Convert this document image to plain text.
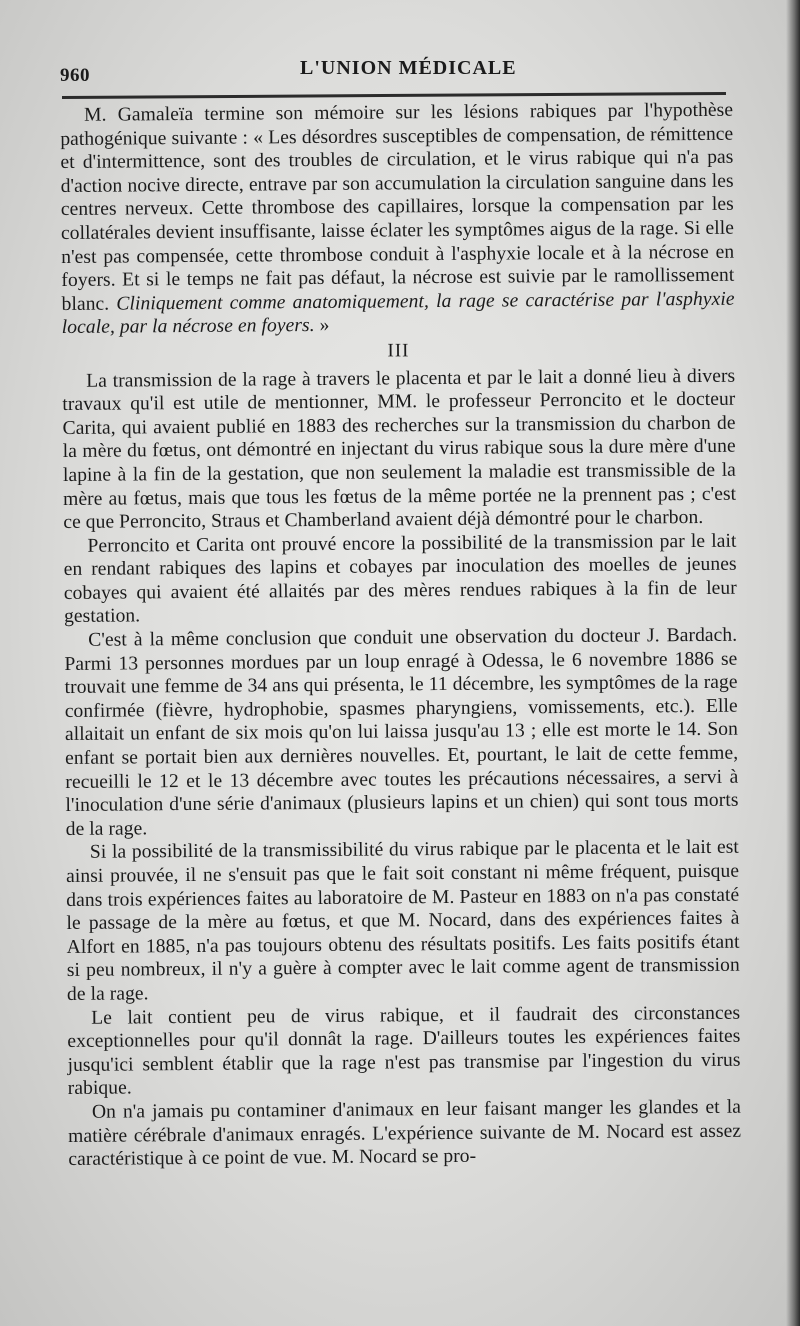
960	L'UNION MÉDICALE

M. Gamaleïa termine son mémoire sur les lésions rabiques par l'hypothèse pathogénique suivante : « Les désordres susceptibles de compensation, de rémittence et d'intermittence, sont des troubles de circulation, et le virus rabique qui n'a pas d'action nocive directe, entrave par son accumulation la circulation sanguine dans les centres nerveux. Cette thrombose des capillaires, lorsque la compensation par les collatérales devient insuffisante, laisse éclater les symptômes aigus de la rage. Si elle n'est pas compensée, cette thrombose conduit à l'asphyxie locale et à la nécrose en foyers. Et si le temps ne fait pas défaut, la nécrose est suivie par le ramollissement blanc. Cliniquement comme anatomiquement, la rage se caractérise par l'asphyxie locale, par la nécrose en foyers. »

III

La transmission de la rage à travers le placenta et par le lait a donné lieu à divers travaux qu'il est utile de mentionner, MM. le professeur Perroncito et le docteur Carita, qui avaient publié en 1883 des recherches sur la transmission du charbon de la mère du fœtus, ont démontré en injectant du virus rabique sous la dure mère d'une lapine à la fin de la gestation, que non seulement la maladie est transmissible de la mère au fœtus, mais que tous les fœtus de la même portée ne la prennent pas ; c'est ce que Perroncito, Straus et Chamberland avaient déjà démontré pour le charbon.

Perroncito et Carita ont prouvé encore la possibilité de la transmission par le lait en rendant rabiques des lapins et cobayes par inoculation des moelles de jeunes cobayes qui avaient été allaités par des mères rendues rabiques à la fin de leur gestation.

C'est à la même conclusion que conduit une observation du docteur J. Bardach. Parmi 13 personnes mordues par un loup enragé à Odessa, le 6 novembre 1886 se trouvait une femme de 34 ans qui présenta, le 11 décembre, les symptômes de la rage confirmée (fièvre, hydrophobie, spasmes pharyngiens, vomissements, etc.). Elle allaitait un enfant de six mois qu'on lui laissa jusqu'au 13 ; elle est morte le 14. Son enfant se portait bien aux dernières nouvelles. Et, pourtant, le lait de cette femme, recueilli le 12 et le 13 décembre avec toutes les précautions nécessaires, a servi à l'inoculation d'une série d'animaux (plusieurs lapins et un chien) qui sont tous morts de la rage.

Si la possibilité de la transmissibilité du virus rabique par le placenta et le lait est ainsi prouvée, il ne s'ensuit pas que le fait soit constant ni même fréquent, puisque dans trois expériences faites au laboratoire de M. Pasteur en 1883 on n'a pas constaté le passage de la mère au fœtus, et que M. Nocard, dans des expériences faites à Alfort en 1885, n'a pas toujours obtenu des résultats positifs. Les faits positifs étant si peu nombreux, il n'y a guère à compter avec le lait comme agent de transmission de la rage.

Le lait contient peu de virus rabique, et il faudrait des circonstances exceptionnelles pour qu'il donnât la rage. D'ailleurs toutes les expériences faites jusqu'ici semblent établir que la rage n'est pas transmise par l'ingestion du virus rabique.

On n'a jamais pu contaminer d'animaux en leur faisant manger les glandes et la matière cérébrale d'animaux enragés. L'expérience suivante de M. Nocard est assez caractéristique à ce point de vue. M. Nocard se pro-
